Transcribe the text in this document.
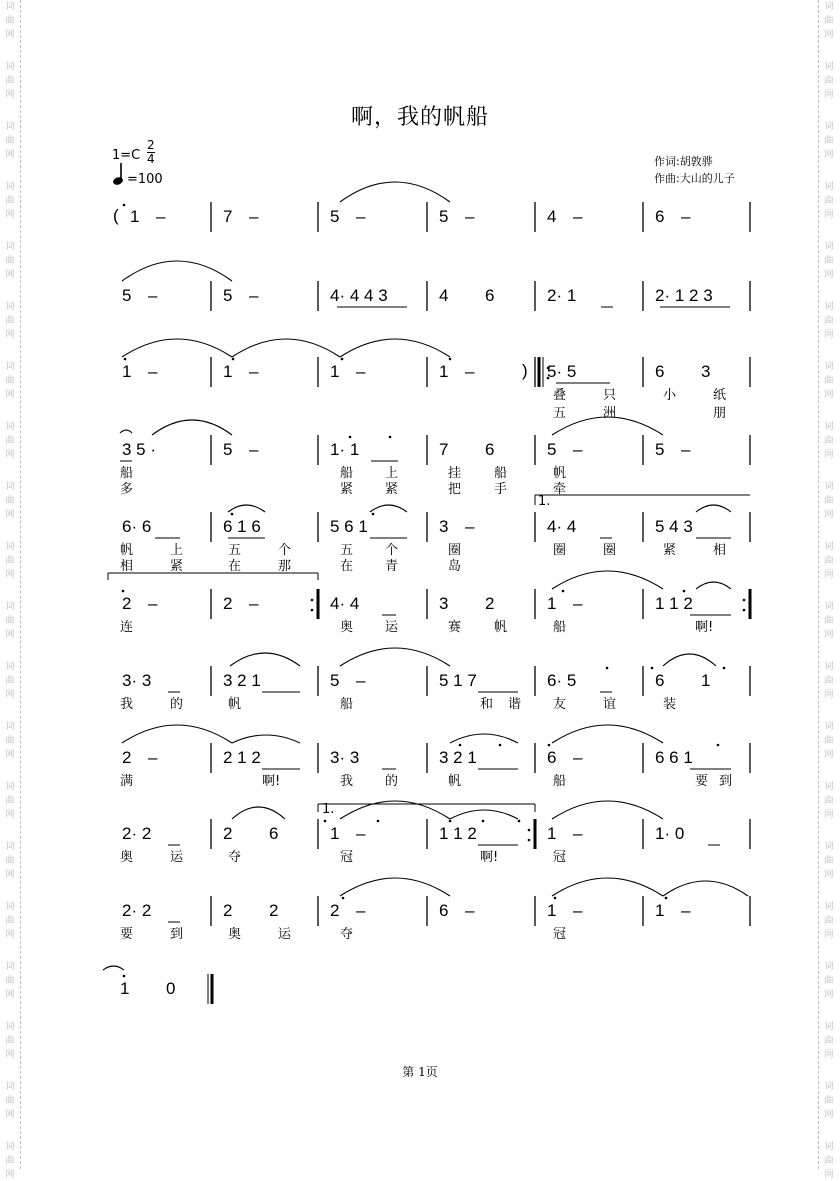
词
曲
网
词
曲
网
词
曲
网
词
曲
网
词
曲
网
词
曲
网
词
曲
网
词
曲
网
词
曲
网
词
曲
网
词
曲
网
词
曲
网
词
曲
网
词
曲
网
词
曲
网
词
曲
网
词
曲
网
词
曲
网
词
曲
网
词
曲
网
词
曲
网
词
曲
网
词
曲
网
词
曲
网
词
曲
网
词
曲
网
词
曲
网
词
曲
网
词
曲
网
词
曲
网
词
曲
网
词
曲
网
词
曲
网
词
曲
网
词
曲
网
词
曲
网
词
曲
网
词
曲
网
词
曲
网
词
曲
网
啊，我的帆船
$1=C \frac{2}{4}$
=100
作词:胡敦骅
作曲:大山的儿子
1 –	7 –	5 –	5 –	4 –	6 –
5 –	5 –	4· 4 4 3	4 6	2· 1	2· 1 2 3
1 –	1 –	1 –	1 –	5· 5	6 3
3 5 ·	5 –	1· 1	7 6	5 –	5 –
6· 6	6 1 6	5 6 1	3 –	4· 4	5 4 3
2 –	2 –	4· 4	3 2	1 –	1 1 2
3· 3	3 2 1	5 –	5 1 7	6· 5	6 1
2 –	2 1 2	3· 3	3 2 1	6 –	6 6 1
2· 2	2 6	1 –	1 1 2	1 –	1· 0
2· 2	2 2	2 –	6 –	1 –	1 –
1 0
(
1.
1.
)
叠	只	小	纸
五	洲	朋
船	船 上	挂	船	帆
多	紧 紧	把	手	牵
帆	上	五	个	五 个	圈	圈	圈	紧	相
相	紧	在	那	在 青	岛
连	奥 运	赛	帆	船	啊!
我	的	帆	船	和 谐 友	谊	装
满	啊!	我 的	帆	船	要 到
奥	运	夺	冠	啊!	冠
要	到	奥	运	夺	冠
第 1页
